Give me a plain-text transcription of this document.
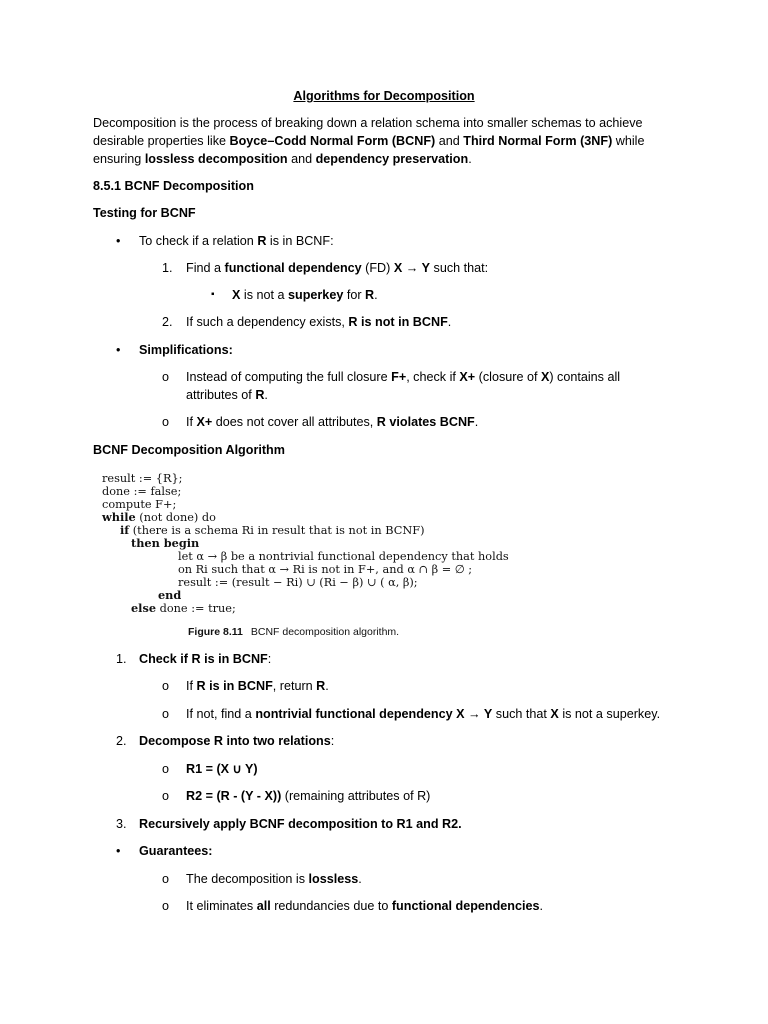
Algorithms for Decomposition
Decomposition is the process of breaking down a relation schema into smaller schemas to achieve
desirable properties like Boyce–Codd Normal Form (BCNF) and Third Normal Form (3NF) while
ensuring lossless decomposition and dependency preservation.
8.5.1 BCNF Decomposition
Testing for BCNF
• To check if a relation R is in BCNF:
1. Find a functional dependency (FD) X → Y such that:
▪ X is not a superkey for R.
2. If such a dependency exists, R is not in BCNF.
• Simplifications:
o Instead of computing the full closure F+, check if X+ (closure of X) contains all
attributes of R.
o If X+ does not cover all attributes, R violates BCNF.
BCNF Decomposition Algorithm
result := {R};
done := false;
compute F+;
while (not done) do
if (there is a schema Ri in result that is not in BCNF)
then begin
let α → β be a nontrivial functional dependency that holds
on Ri such that α → Ri is not in F+, and α ∩ β = ∅ ;
result := (result − Ri) ∪ (Ri − β) ∪ ( α, β);
end
else done := true;
Figure 8.11 BCNF decomposition algorithm.
1. Check if R is in BCNF:
o If R is in BCNF, return R.
o If not, find a nontrivial functional dependency X → Y such that X is not a superkey.
2. Decompose R into two relations:
o R1 = (X ∪ Y)
o R2 = (R - (Y - X)) (remaining attributes of R)
3. Recursively apply BCNF decomposition to R1 and R2.
• Guarantees:
o The decomposition is lossless.
o It eliminates all redundancies due to functional dependencies.
